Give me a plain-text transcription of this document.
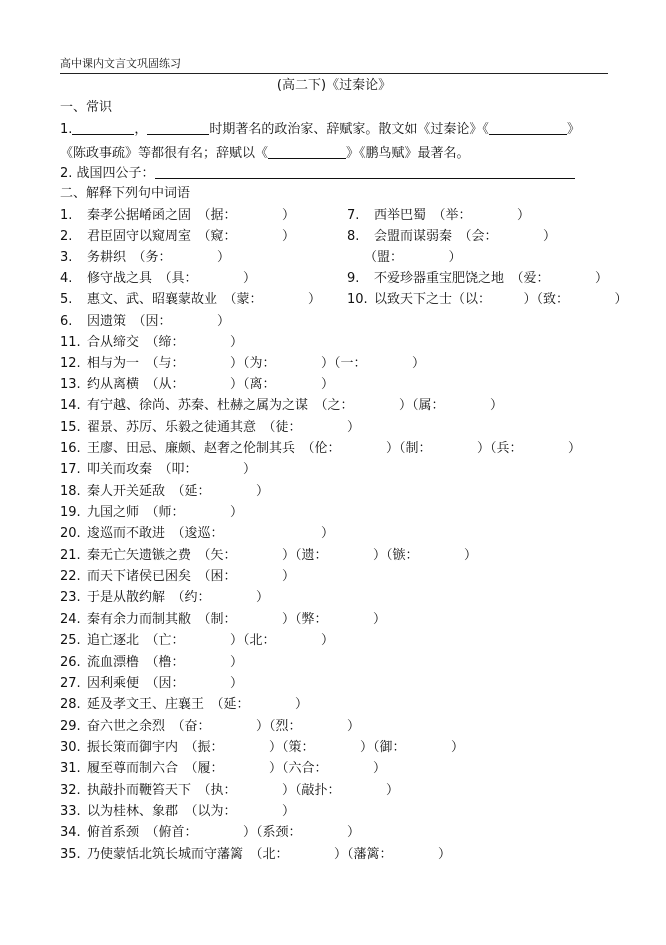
高中课内文言文巩固练习
(高二下)《过秦论》
一、常识
1.	，	时期著名的政治家、辞赋家。散文如《过秦论》《	》
《陈政事疏》等都很有名；辞赋以《	》《鹏鸟赋》最著名。
2. 战国四公子：
二、解释下列句中词语
1. 秦孝公据崤函之固　（据：　　　　）
2. 君臣固守以窥周室　（窥：　　　　）
3. 务耕织　（务：　　　　）
4. 修守战之具　（具：　　　　）
5. 惠文、武、昭襄蒙故业　（蒙：　　　　）
6. 因遗策　（因：　　　　）
11. 合从缔交　（缔：　　　　）
12. 相与为一　（与：　　　　）（为：　　　　）（一：　　　　）
13. 约从离横　（从：　　　　）（离：　　　　）
14. 有宁越、徐尚、苏秦、杜赫之属为之谋　（之：　　　　）（属：　　　　）
15. 翟景、苏厉、乐毅之徒通其意　（徒：　　　　）
16. 王廖、田忌、廉颇、赵奢之伦制其兵　（伦：　　　　）（制：　　　　）（兵：　　　　）
17. 叩关而攻秦　（叩：　　　　）
18. 秦人开关延敌　（延：　　　　）
19. 九国之师　（师：　　　　）
20. 逡巡而不敢进　（逡巡：　　　　　　　　）
21. 秦无亡矢遗镞之费　（矢：　　　　）（遗：　　　　）（镞：　　　　）
22. 而天下诸侯已困矣　（困：　　　　）
23. 于是从散约解　（约：　　　　）
24. 秦有余力而制其敝　（制：　　　　）（弊：　　　　）
25. 追亡逐北　（亡：　　　　）（北：　　　　）
26. 流血漂橹　（橹：　　　　）
27. 因利乘便　（因：　　　　）
28. 延及孝文王、庄襄王　（延：　　　　）
29. 奋六世之余烈　（奋：　　　　）（烈：　　　　）
30. 振长策而御宇内　（振：　　　　）（策：　　　　）（御：　　　　）
31. 履至尊而制六合　（履：　　　　）（六合：　　　　）
32. 执敲扑而鞭笞天下　（执：　　　　）（敲扑：　　　　）
33. 以为桂林、象郡　（以为：　　　　）
34. 俯首系颈　（俯首：　　　　）（系颈：　　　　）
35. 乃使蒙恬北筑长城而守藩篱　（北：　　　　）（藩篱：　　　　）
7. 西举巴蜀　（举：　　　　）
8. 会盟而谋弱秦　（会：　　　　）
（盟：　　　　）
9. 不爱珍器重宝肥饶之地　（爱：　　　　）
10. 以致天下之士（以：　　　）（致：　　　　）
